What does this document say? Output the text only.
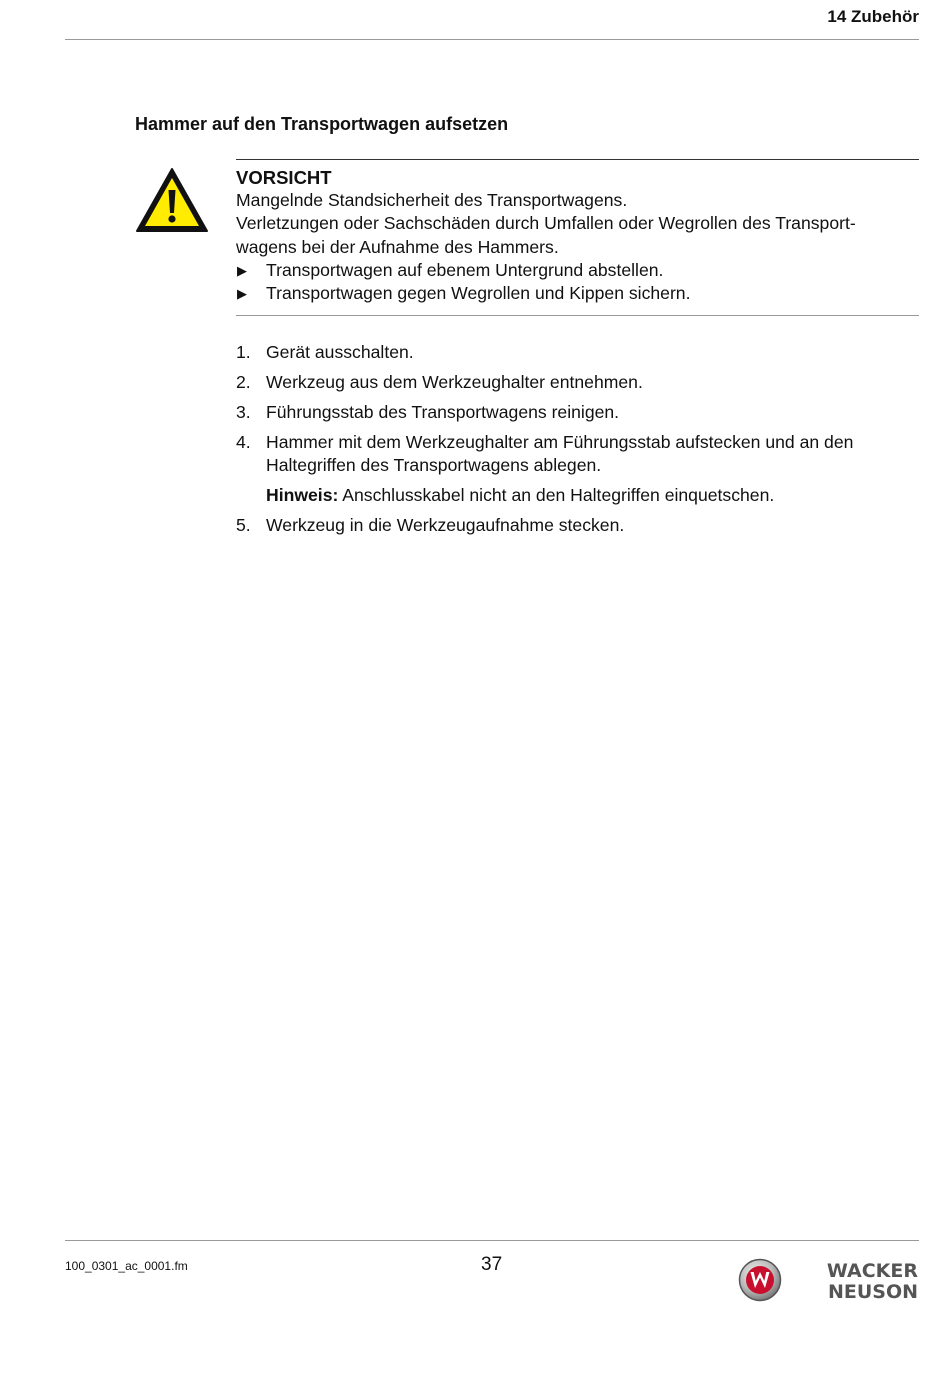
14 Zubehör
Hammer auf den Transportwagen aufsetzen
VORSICHT
Mangelnde Standsicherheit des Transportwagens.
Verletzungen oder Sachschäden durch Umfallen oder Wegrollen des Transport-
wagens bei der Aufnahme des Hammers.
▶ Transportwagen auf ebenem Untergrund abstellen.
▶ Transportwagen gegen Wegrollen und Kippen sichern.
1. Gerät ausschalten.
2. Werkzeug aus dem Werkzeughalter entnehmen.
3. Führungsstab des Transportwagens reinigen.
4. Hammer mit dem Werkzeughalter am Führungsstab aufstecken und an den
Haltegriffen des Transportwagens ablegen.
Hinweis: Anschlusskabel nicht an den Haltegriffen einquetschen.
5. Werkzeug in die Werkzeugaufnahme stecken.
100_0301_ac_0001.fm	37	WACKER
NEUSON
